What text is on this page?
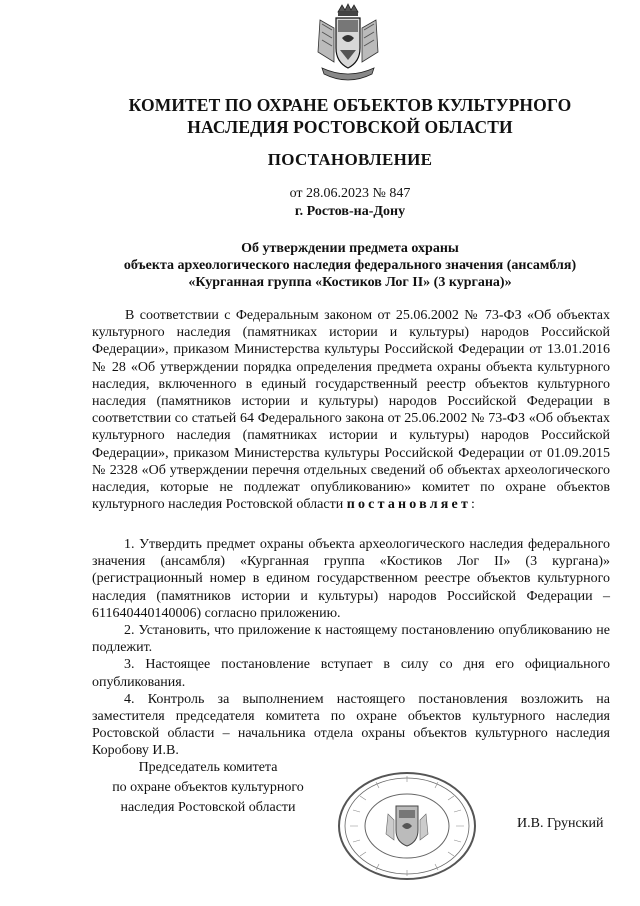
КОМИТЕТ ПО ОХРАНЕ ОБЪЕКТОВ КУЛЬТУРНОГО
НАСЛЕДИЯ РОСТОВСКОЙ ОБЛАСТИ
ПОСТАНОВЛЕНИЕ
от 28.06.2023 № 847
г. Ростов-на-Дону
Об утверждении предмета охраны
объекта археологического наследия федерального значения (ансамбля)
«Курганная группа «Костиков Лог II» (3 кургана)»

В соответствии с Федеральным законом от 25.06.2002 № 73-ФЗ «Об объектах культурного наследия (памятниках истории и культуры) народов Российской Федерации», приказом Министерства культуры Российской Федерации от 13.01.2016 № 28 «Об утверждении порядка определения предмета охраны объекта культурного наследия, включенного в единый государственный реестр объектов культурного наследия (памятников истории и культуры) народов Российской Федерации в соответствии со статьей 64 Федерального закона от 25.06.2002 № 73-ФЗ «Об объектах культурного наследия (памятниках истории и культуры) народов Российской Федерации», приказом Министерства культуры Российской Федерации от 01.09.2015 № 2328 «Об утверждении перечня отдельных сведений об объектах археологического наследия, которые не подлежат опубликованию» комитет по охране объектов культурного наследия Ростовской области постановляет:

1. Утвердить предмет охраны объекта археологического наследия федерального значения (ансамбля) «Курганная группа «Костиков Лог II» (3 кургана)» (регистрационный номер в едином государственном реестре объектов культурного наследия (памятников истории и культуры) народов Российской Федерации – 611640440140006) согласно приложению.

2. Установить, что приложение к настоящему постановлению опубликованию не подлежит.

3. Настоящее постановление вступает в силу со дня его официального опубликования.

4. Контроль за выполнением настоящего постановления возложить на заместителя председателя комитета по охране объектов культурного наследия Ростовской области – начальника отдела охраны объектов культурного наследия Коробову И.В.

Председатель комитета
по охране объектов культурного
наследия Ростовской области
И.В. Грунский
